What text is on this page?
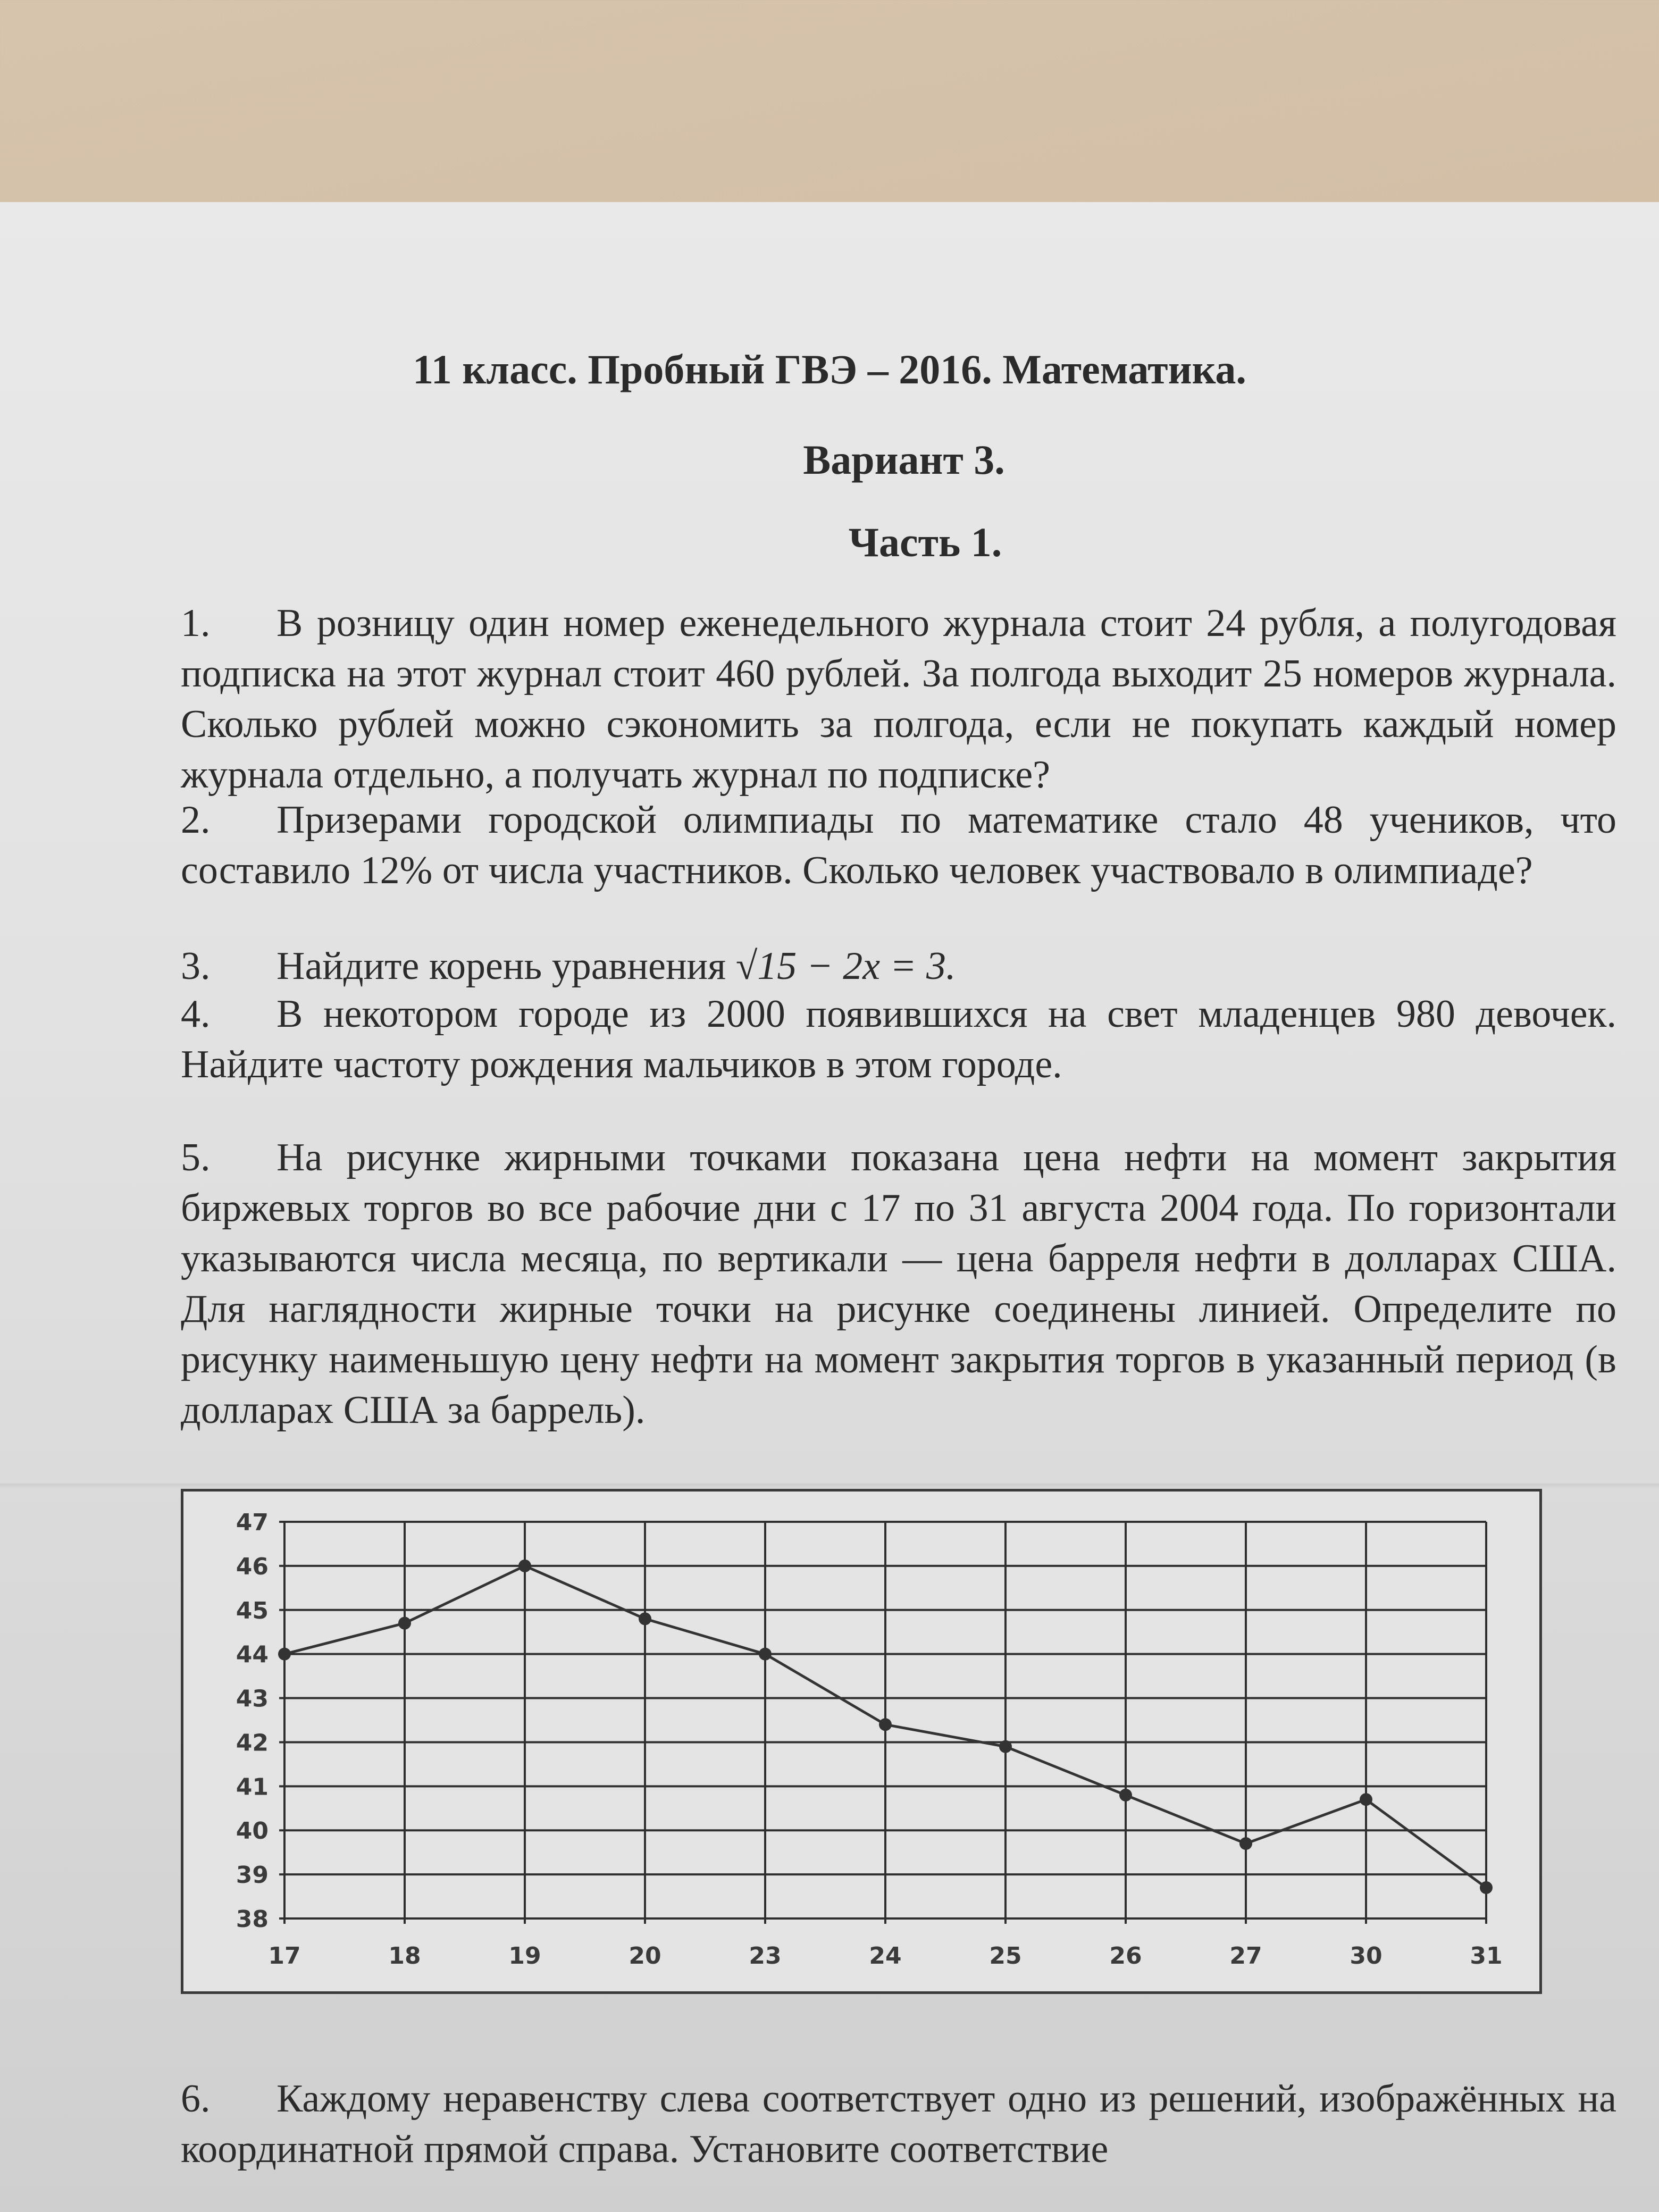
11 класс. Пробный ГВЭ – 2016. Математика.
Вариант 3.
Часть 1.
1. В розницу один номер еженедельного журнала стоит 24 рубля, а полугодовая подписка на этот журнал стоит 460 рублей. За полгода выходит 25 номеров журнала. Сколько рублей можно сэкономить за полгода, если не покупать каждый номер журнала отдельно, а получать журнал по подписке?
2. Призерами городской олимпиады по математике стало 48 учеников, что составило 12% от числа участников. Сколько человек участвовало в олимпиаде?
3. Найдите корень уравнения √15 − 2x = 3.
4. В некотором городе из 2000 появившихся на свет младенцев 980 девочек. Найдите частоту рождения мальчиков в этом городе.
5. На рисунке жирными точками показана цена нефти на момент закрытия биржевых торгов во все рабочие дни с 17 по 31 августа 2004 года. По горизонтали указываются числа месяца, по вертикали — цена барреля нефти в долларах США. Для наглядности жирные точки на рисунке соединены линией. Определите по рисунку наименьшую цену нефти на момент закрытия торгов в указанный период (в долларах США за баррель).
38
39
40
41
42
43
44
45
46
47
17	18	19	20	23	24	25	26	27	30	31
6. Каждому неравенству слева соответствует одно из решений, изображённых на координатной прямой справа. Установите соответствие
